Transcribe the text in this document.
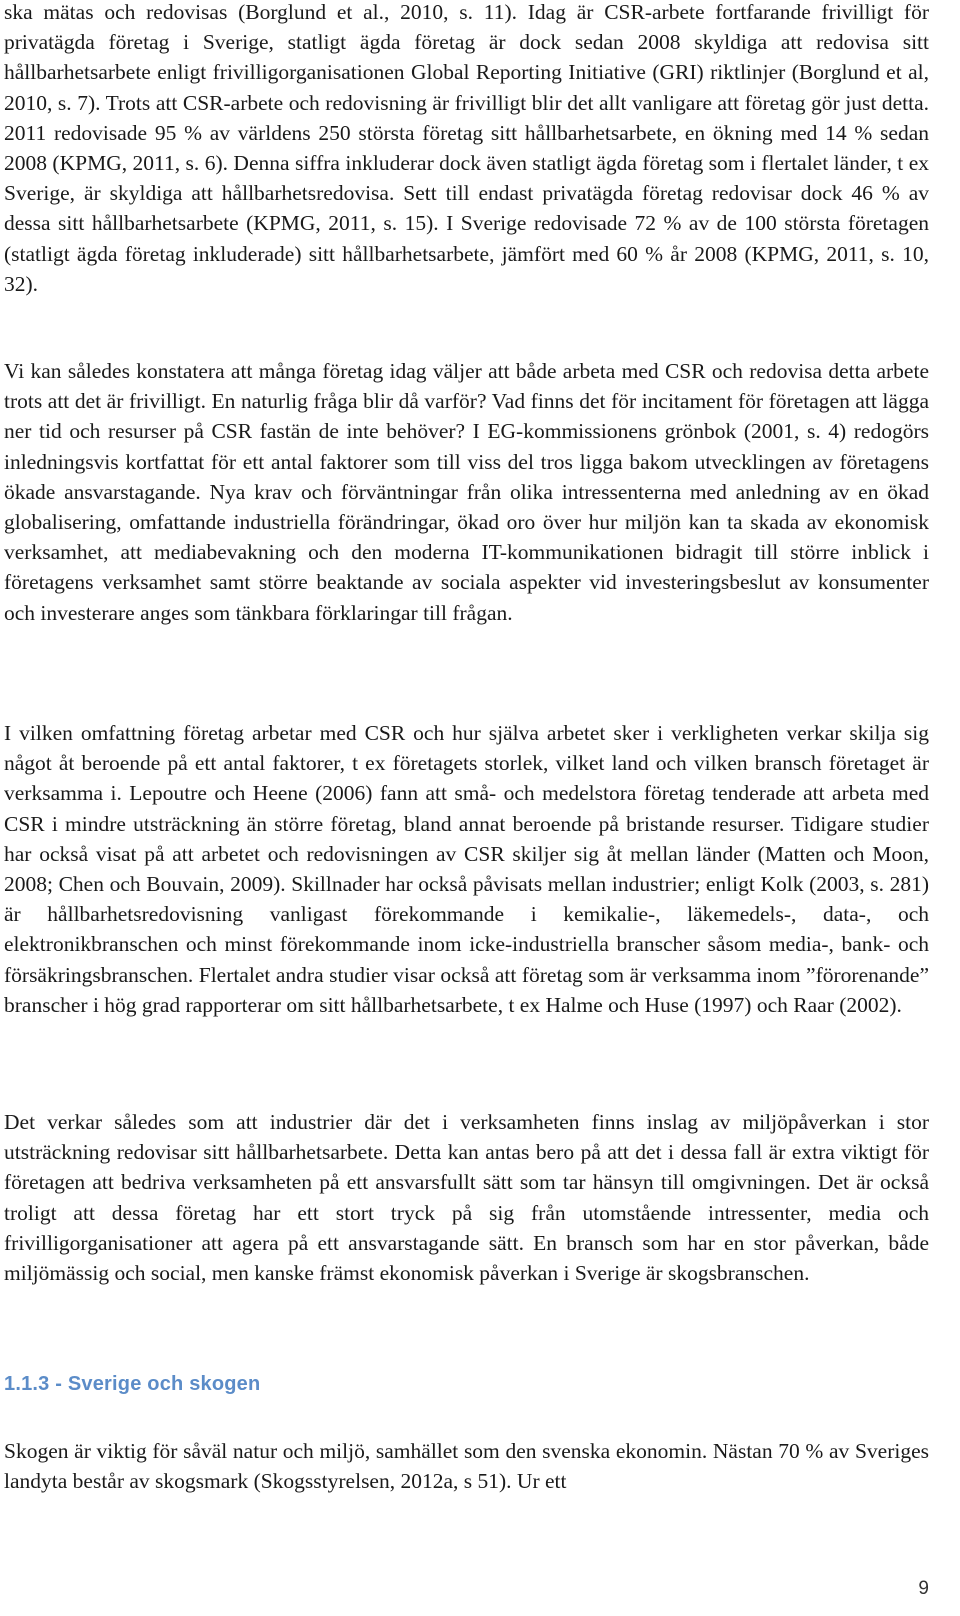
ska mätas och redovisas (Borglund et al., 2010, s. 11). Idag är CSR-arbete fortfarande frivilligt för privatägda företag i Sverige, statligt ägda företag är dock sedan 2008 skyldiga att redovisa sitt hållbarhetsarbete enligt frivilligorganisationen Global Reporting Initiative (GRI) riktlinjer (Borglund et al, 2010, s. 7). Trots att CSR-arbete och redovisning är frivilligt blir det allt vanligare att företag gör just detta. 2011 redovisade 95 % av världens 250 största företag sitt hållbarhetsarbete, en ökning med 14 % sedan 2008 (KPMG, 2011, s. 6). Denna siffra inkluderar dock även statligt ägda företag som i flertalet länder, t ex Sverige, är skyldiga att hållbarhetsredovisa. Sett till endast privatägda företag redovisar dock 46 % av dessa sitt hållbarhetsarbete (KPMG, 2011, s. 15). I Sverige redovisade 72 % av de 100 största företagen (statligt ägda företag inkluderade) sitt hållbarhetsarbete, jämfört med 60 % år 2008 (KPMG, 2011, s. 10, 32).

Vi kan således konstatera att många företag idag väljer att både arbeta med CSR och redovisa detta arbete trots att det är frivilligt. En naturlig fråga blir då varför? Vad finns det för incitament för företagen att lägga ner tid och resurser på CSR fastän de inte behöver? I EG-kommissionens grönbok (2001, s. 4) redogörs inledningsvis kortfattat för ett antal faktorer som till viss del tros ligga bakom utvecklingen av företagens ökade ansvarstagande. Nya krav och förväntningar från olika intressenterna med anledning av en ökad globalisering, omfattande industriella förändringar, ökad oro över hur miljön kan ta skada av ekonomisk verksamhet, att mediabevakning och den moderna IT-kommunikationen bidragit till större inblick i företagens verksamhet samt större beaktande av sociala aspekter vid investeringsbeslut av konsumenter och investerare anges som tänkbara förklaringar till frågan.

I vilken omfattning företag arbetar med CSR och hur själva arbetet sker i verkligheten verkar skilja sig något åt beroende på ett antal faktorer, t ex företagets storlek, vilket land och vilken bransch företaget är verksamma i. Lepoutre och Heene (2006) fann att små- och medelstora företag tenderade att arbeta med CSR i mindre utsträckning än större företag, bland annat beroende på bristande resurser. Tidigare studier har också visat på att arbetet och redovisningen av CSR skiljer sig åt mellan länder (Matten och Moon, 2008; Chen och Bouvain, 2009). Skillnader har också påvisats mellan industrier; enligt Kolk (2003, s. 281) är hållbarhetsredovisning vanligast förekommande i kemikalie-, läkemedels-, data-, och elektronikbranschen och minst förekommande inom icke-industriella branscher såsom media-, bank- och försäkringsbranschen. Flertalet andra studier visar också att företag som är verksamma inom ”förorenande” branscher i hög grad rapporterar om sitt hållbarhetsarbete, t ex Halme och Huse (1997) och Raar (2002).

Det verkar således som att industrier där det i verksamheten finns inslag av miljöpåverkan i stor utsträckning redovisar sitt hållbarhetsarbete. Detta kan antas bero på att det i dessa fall är extra viktigt för företagen att bedriva verksamheten på ett ansvarsfullt sätt som tar hänsyn till omgivningen. Det är också troligt att dessa företag har ett stort tryck på sig från utomstående intressenter, media och frivilligorganisationer att agera på ett ansvarstagande sätt. En bransch som har en stor påverkan, både miljömässig och social, men kanske främst ekonomisk påverkan i Sverige är skogsbranschen.

1.1.3 - Sverige och skogen

Skogen är viktig för såväl natur och miljö, samhället som den svenska ekonomin. Nästan 70 % av Sveriges landyta består av skogsmark (Skogsstyrelsen, 2012a, s 51). Ur ett

9
